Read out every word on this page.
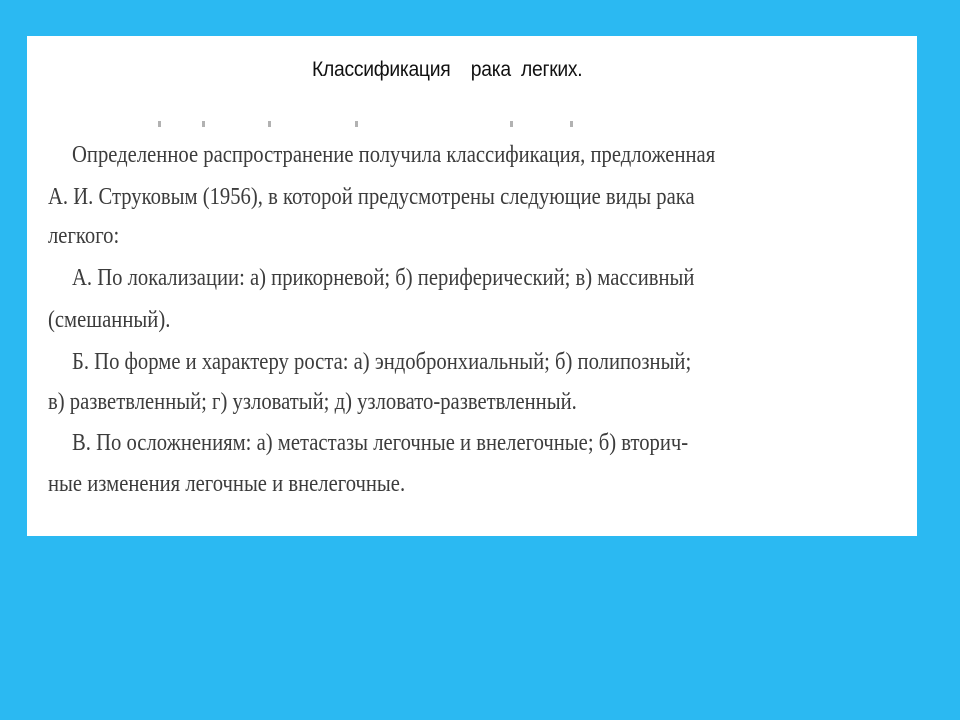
Классификация    рака  легких.
Определенное распространение получила классификация, предложенная
А. И. Струковым (1956), в которой предусмотрены следующие виды рака
легкого:
А. По локализации: а) прикорневой; б) периферический; в) массивный
(смешанный).
Б. По форме и характеру роста: а) эндобронхиальный; б) полипозный;
в) разветвленный; г) узловатый; д) узловато-разветвленный.
В. По осложнениям: а) метастазы легочные и внелегочные; б) вторич-
ные изменения легочные и внелегочные.
